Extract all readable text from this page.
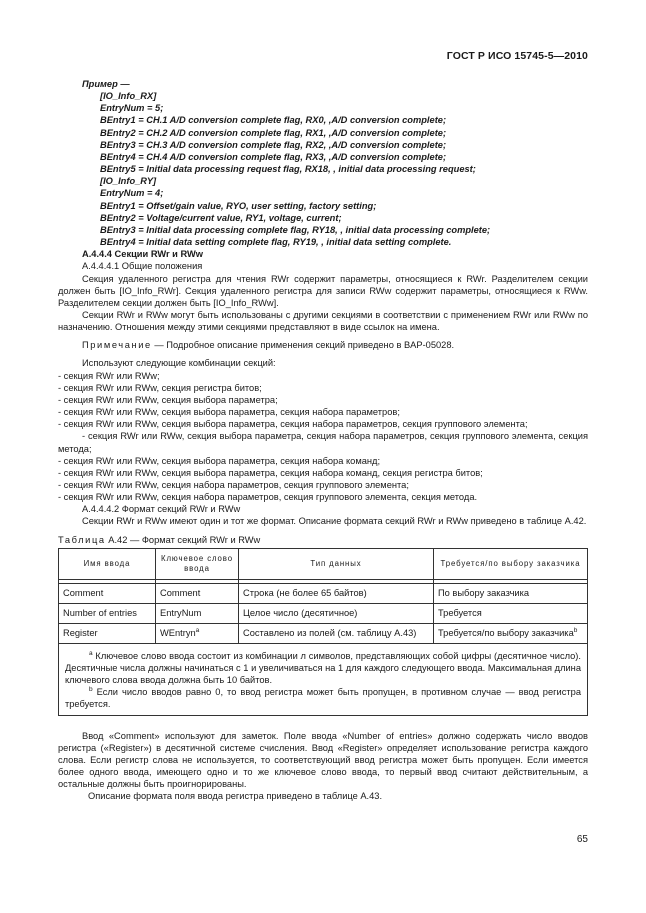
ГОСТ Р ИСО 15745-5—2010
Пример —
[IO_Info_RX]
EntryNum = 5;
BEntry1 = CH.1 A/D conversion complete flag, RX0, ,A/D conversion complete;
BEntry2 = CH.2 A/D conversion complete flag, RX1, ,A/D conversion complete;
BEntry3 = CH.3 A/D conversion complete flag, RX2, ,A/D conversion complete;
BEntry4 = CH.4 A/D conversion complete flag, RX3, ,A/D conversion complete;
BEntry5 = Initial data processing request flag, RX18, , initial data processing request;
[IO_Info_RY]
EntryNum = 4;
BEntry1 = Offset/gain value, RYO, user setting, factory setting;
BEntry2 = Voltage/current value, RY1, voltage, current;
BEntry3 = Initial data processing complete flag, RY18, , initial data processing complete;
BEntry4 = Initial data setting complete flag, RY19, , initial data setting complete.
A.4.4.4 Секции RWr и RWw
A.4.4.4.1 Общие положения
Секция удаленного регистра для чтения RWr содержит параметры, относящиеся к RWr. Разделителем секции должен быть [IO_Info_RWr]. Секция удаленного регистра для записи RWw содержит параметры, относящиеся к RWw. Разделителем секции должен быть [IO_Info_RWw].
Секции RWr и RWw могут быть использованы с другими секциями в соответствии с применением RWr или RWw по назначению. Отношения между этими секциями представляют в виде ссылок на имена.
Примечание — Подробное описание применения секций приведено в BAP-05028.
Используют следующие комбинации секций:
- секция RWr или RWw;
- секция RWr или RWw, секция регистра битов;
- секция RWr или RWw, секция выбора параметра;
- секция RWr или RWw, секция выбора параметра, секция набора параметров;
- секция RWr или RWw, секция выбора параметра, секция набора параметров, секция группового элемента;
- секция RWr или RWw, секция выбора параметра, секция набора параметров, секция группового элемента, секция метода;
- секция RWr или RWw, секция выбора параметра, секция набора команд;
- секция RWr или RWw, секция выбора параметра, секция набора команд, секция регистра битов;
- секция RWr или RWw, секция набора параметров, секция группового элемента;
- секция RWr или RWw, секция набора параметров, секция группового элемента, секция метода.
A.4.4.4.2 Формат секций RWr и RWw
Секции RWr и RWw имеют один и тот же формат. Описание формата секций RWr и RWw приведено в таблице A.42.
Таблица A.42 — Формат секций RWr и RWw
Имя ввода	Ключевое слово ввода	Тип данных	Требуется/по выбору заказчика

Comment	Comment	Строка (не более 65 байтов)	По выбору заказчика
Number of entries	EntryNum	Целое число (десятичное)	Требуется
Register	WEntryn$^a$	Составлено из полей (см. таблицу A.43)	Требуется/по выбору заказчика$^b$

$^a$ Ключевое слово ввода состоит из комбинации л символов, представляющих собой цифры (десятичное число). Десятичные числа должны начинаться с 1 и увеличиваться на 1 для каждого следующего ввода. Максимальная длина ключевого слова ввода должна быть 10 байтов.
$^b$ Если число вводов равно 0, то ввод регистра может быть пропущен, в противном случае — ввод регистра требуется.			
Ввод «Comment» используют для заметок. Поле ввода «Number of entries» должно содержать число вводов регистра («Register») в десятичной системе счисления. Ввод «Register» определяет использование регистра каждого слова. Если регистр слова не используется, то соответствующий ввод регистра может быть пропущен. Если имеется более одного ввода, имеющего одно и то же ключевое слово ввода, то первый ввод считают действительным, а остальные должны быть проигнорированы.
Описание формата поля ввода регистра приведено в таблице A.43.
65
